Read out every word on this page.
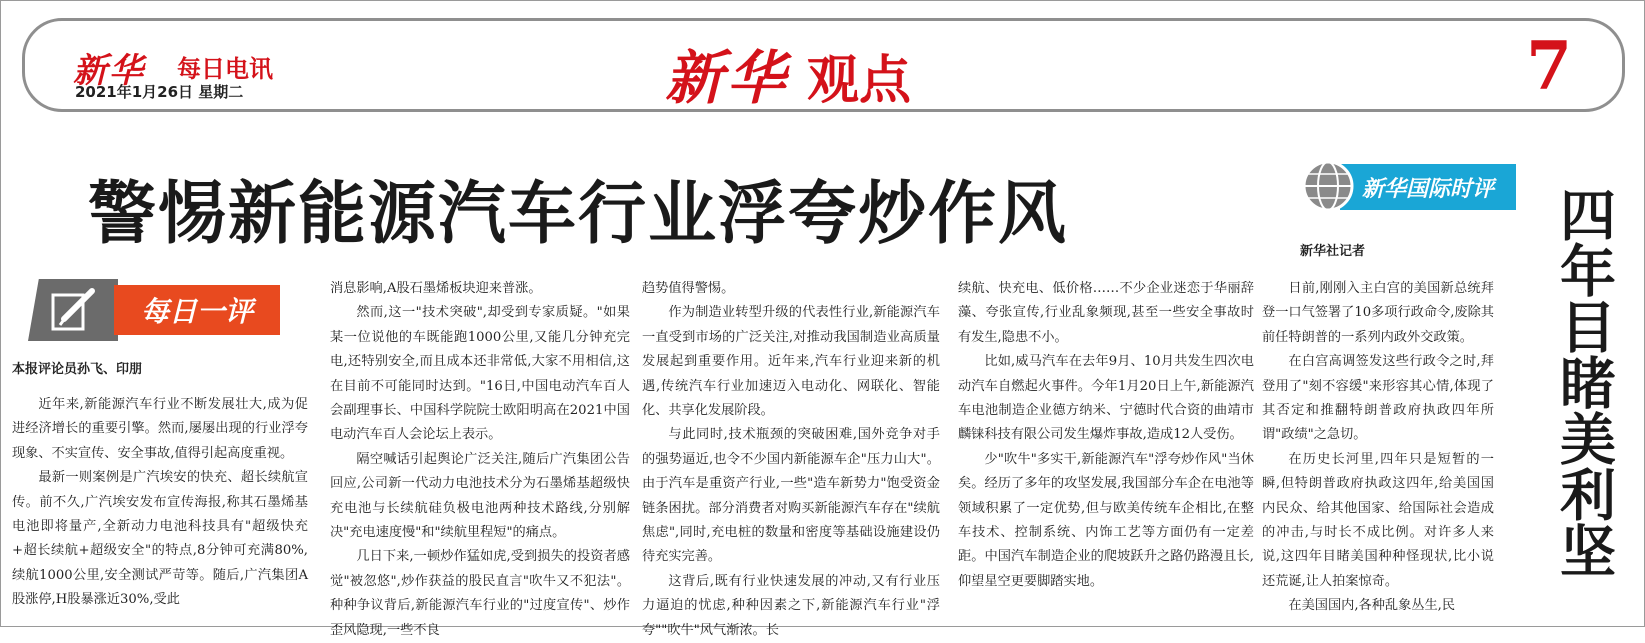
新华 每日电讯
2021年1月26日 星期二	新华 观点	7
警惕新能源汽车行业浮夸炒作风
每日一评
本报评论员孙飞、印朋

近年来,新能源汽车行业不断发展壮大,成为促进经济增长的重要引擎。然而,屡屡出现的行业浮夸现象、不实宣传、安全事故,值得引起高度重视。

最新一则案例是广汽埃安的快充、超长续航宣传。前不久,广汽埃安发布宣传海报,称其石墨烯基电池即将量产,全新动力电池科技具有"超级快充+超长续航+超级安全"的特点,8分钟可充满80%,续航1000公里,安全测试严苛等。随后,广汽集团A股涨停,H股暴涨近30%,受此

消息影响,A股石墨烯板块迎来普涨。

然而,这一"技术突破",却受到专家质疑。"如果某一位说他的车既能跑1000公里,又能几分钟充完电,还特别安全,而且成本还非常低,大家不用相信,这在目前不可能同时达到。"16日,中国电动汽车百人会副理事长、中国科学院院士欧阳明高在2021中国电动汽车百人会论坛上表示。

隔空喊话引起舆论广泛关注,随后广汽集团公告回应,公司新一代动力电池技术分为石墨烯基超级快充电池与长续航硅负极电池两种技术路线,分别解决"充电速度慢"和"续航里程短"的痛点。

几日下来,一顿炒作猛如虎,受到损失的投资者感觉"被忽悠",炒作获益的股民直言"吹牛又不犯法"。种种争议背后,新能源汽车行业的"过度宣传"、炒作歪风隐现,一些不良

趋势值得警惕。

作为制造业转型升级的代表性行业,新能源汽车一直受到市场的广泛关注,对推动我国制造业高质量发展起到重要作用。近年来,汽车行业迎来新的机遇,传统汽车行业加速迈入电动化、网联化、智能化、共享化发展阶段。

与此同时,技术瓶颈的突破困难,国外竞争对手的强势逼近,也令不少国内新能源车企"压力山大"。由于汽车是重资产行业,一些"造车新势力"饱受资金链条困扰。部分消费者对购买新能源汽车存在"续航焦虑",同时,充电桩的数量和密度等基础设施建设仍待充实完善。

这背后,既有行业快速发展的冲动,又有行业压力逼迫的忧虑,种种因素之下,新能源汽车行业"浮夸""吹牛"风气渐浓。长

续航、快充电、低价格……不少企业迷恋于华丽辞藻、夸张宣传,行业乱象频现,甚至一些安全事故时有发生,隐患不小。

比如,威马汽车在去年9月、10月共发生四次电动汽车自燃起火事件。今年1月20日上午,新能源汽车电池制造企业德方纳米、宁德时代合资的曲靖市麟铼科技有限公司发生爆炸事故,造成12人受伤。

少"吹牛"多实干,新能源汽车"浮夸炒作风"当休矣。经历了多年的攻坚发展,我国部分车企在电池等领域积累了一定优势,但与欧美传统车企相比,在整车技术、控制系统、内饰工艺等方面仍有一定差距。中国汽车制造企业的爬坡跃升之路仍路漫且长,仰望星空更要脚踏实地。

新华国际时评
新华社记者

日前,刚刚入主白宫的美国新总统拜登一口气签署了10多项行政命令,废除其前任特朗普的一系列内政外交政策。

在白宫高调签发这些行政令之时,拜登用了"刻不容缓"来形容其心情,体现了其否定和推翻特朗普政府执政四年所谓"政绩"之急切。

在历史长河里,四年只是短暂的一瞬,但特朗普政府执政这四年,给美国国内民众、给其他国家、给国际社会造成的冲击,与时长不成比例。对许多人来说,这四年目睹美国种种怪现状,比小说还荒诞,让人拍案惊奇。

在美国国内,各种乱象丛生,民

四年目睹美利坚
